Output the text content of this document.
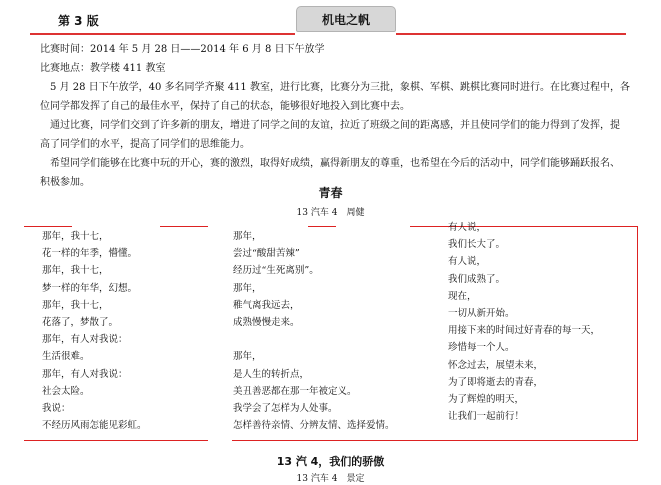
第 3 版	机电之帆
比赛时间：2014 年 5 月 28 日——2014 年 6 月 8 日下午放学
比赛地点：教学楼 411 教室
　5 月 28 日下午放学，40 多名同学齐聚 411 教室，进行比赛，比赛分为三批，象棋、军棋、跳棋比赛同时进行。在比赛过程中，各
位同学都发挥了自己的最佳水平，保持了自己的状态，能够很好地投入到比赛中去。
　通过比赛，同学们交到了许多新的朋友，增进了同学之间的友谊，拉近了班级之间的距离感，并且使同学们的能力得到了发挥，提
高了同学们的水平，提高了同学们的思维能力。
　希望同学们能够在比赛中玩的开心，赛的激烈，取得好成绩，赢得新朋友的尊重，也希望在今后的活动中，同学们能够踊跃报名、
积极参加。
青春
13 汽车 4　周健
那年，我十七，
花一样的年季，懵懂。
那年，我十七，
梦一样的年华，幻想。
那年，我十七，
花落了，梦散了。
那年，有人对我说：
生活很难。
那年，有人对我说：
社会太险。
我说：
不经历风雨怎能见彩虹。
那年，
尝过“酸甜苦辣”
经历过“生死离别”。
那年，
稚气离我远去，
成熟慢慢走来。
那年，
是人生的转折点，
美丑善恶都在那一年被定义。
我学会了怎样为人处事。
怎样善待亲情、分辨友情、选择爱情。
有人说，
我们长大了。
有人说，
我们成熟了。
现在，
一切从新开始。
用接下来的时间过好青春的每一天，
珍惜每一个人。
怀念过去，展望未来，
为了即将逝去的青春，
为了辉煌的明天，
让我们一起前行！
13 汽 4，我们的骄傲
13 汽车 4　景定
